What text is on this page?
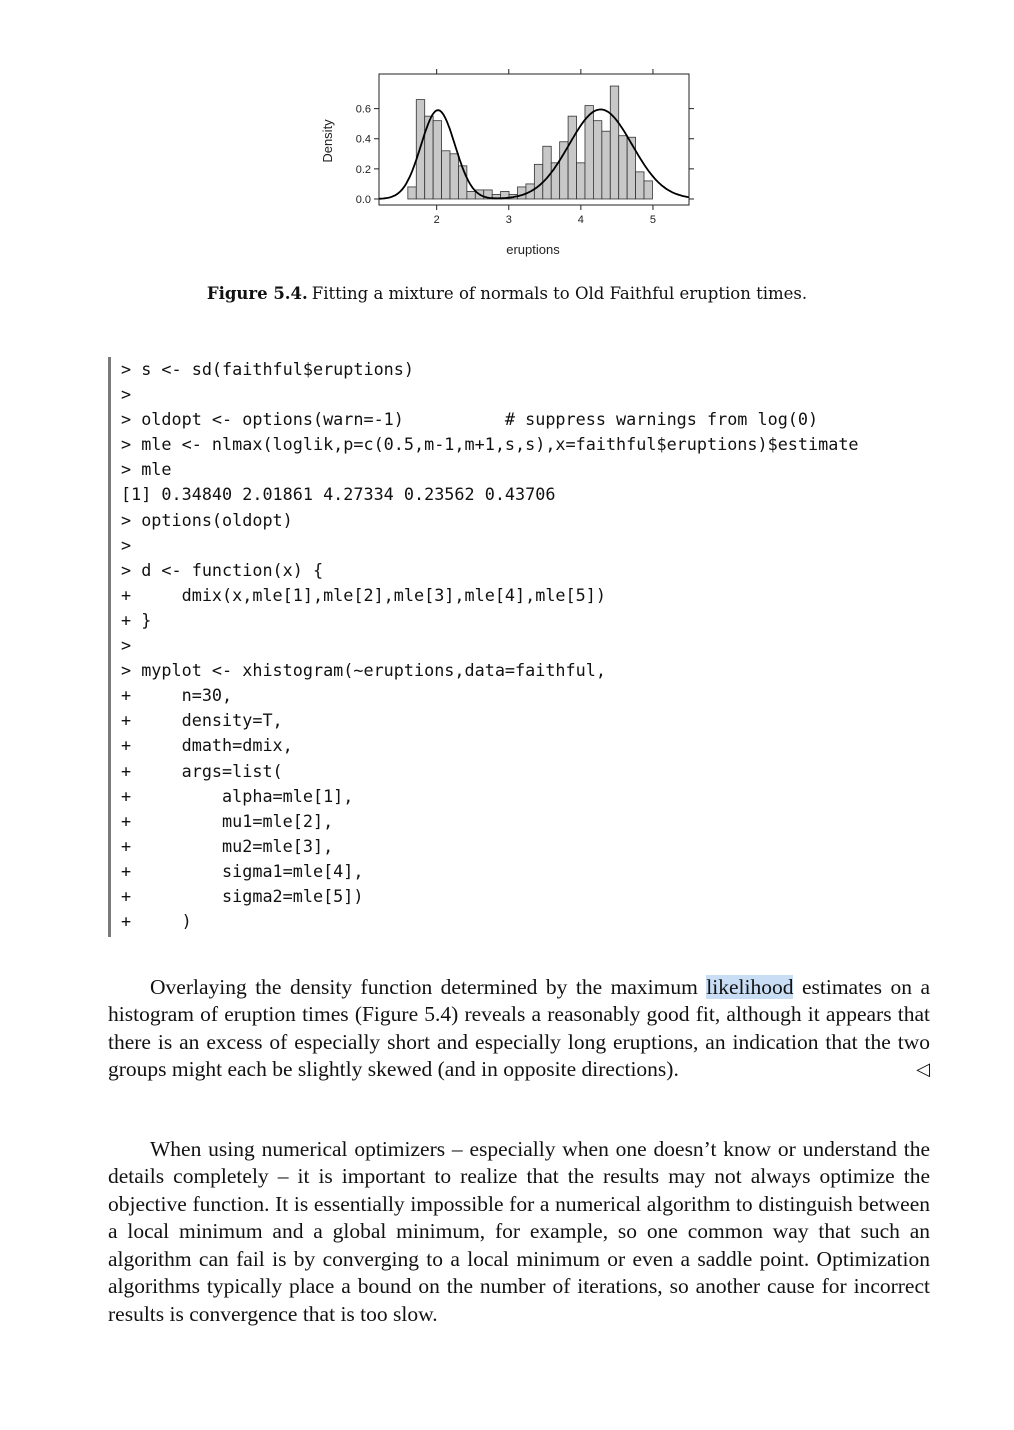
2	3	4	5
0.0
0.2
0.4
0.6
Density
eruptions
Figure 5.4. Fitting a mixture of normals to Old Faithful eruption times.
> s <- sd(faithful$eruptions)
>
> oldopt <- options(warn=-1)          # suppress warnings from log(0)
> mle <- nlmax(loglik,p=c(0.5,m-1,m+1,s,s),x=faithful$eruptions)$estimate
> mle
[1] 0.34840 2.01861 4.27334 0.23562 0.43706
> options(oldopt)
>
> d <- function(x) {
+     dmix(x,mle[1],mle[2],mle[3],mle[4],mle[5])
+ }
>
> myplot <- xhistogram(~eruptions,data=faithful,
+     n=30,
+     density=T,
+     dmath=dmix,
+     args=list(
+         alpha=mle[1],
+         mu1=mle[2],
+         mu2=mle[3],
+         sigma1=mle[4],
+         sigma2=mle[5])
+     )

Overlaying the density function determined by the maximum likelihood estimates on a histogram of eruption times (Figure 5.4) reveals a reasonably good fit, although it appears that there is an excess of especially short and especially long eruptions, an indication that the two groups might each be slightly skewed (and in opposite directions).	◁

When using numerical optimizers – especially when one doesn’t know or understand the details completely – it is important to realize that the results may not always optimize the objective function. It is essentially impossible for a numerical algorithm to distinguish between a local minimum and a global minimum, for example, so one common way that such an algorithm can fail is by converging to a local minimum or even a saddle point. Optimization algorithms typically place a bound on the number of iterations, so another cause for incorrect results is convergence that is too slow.
